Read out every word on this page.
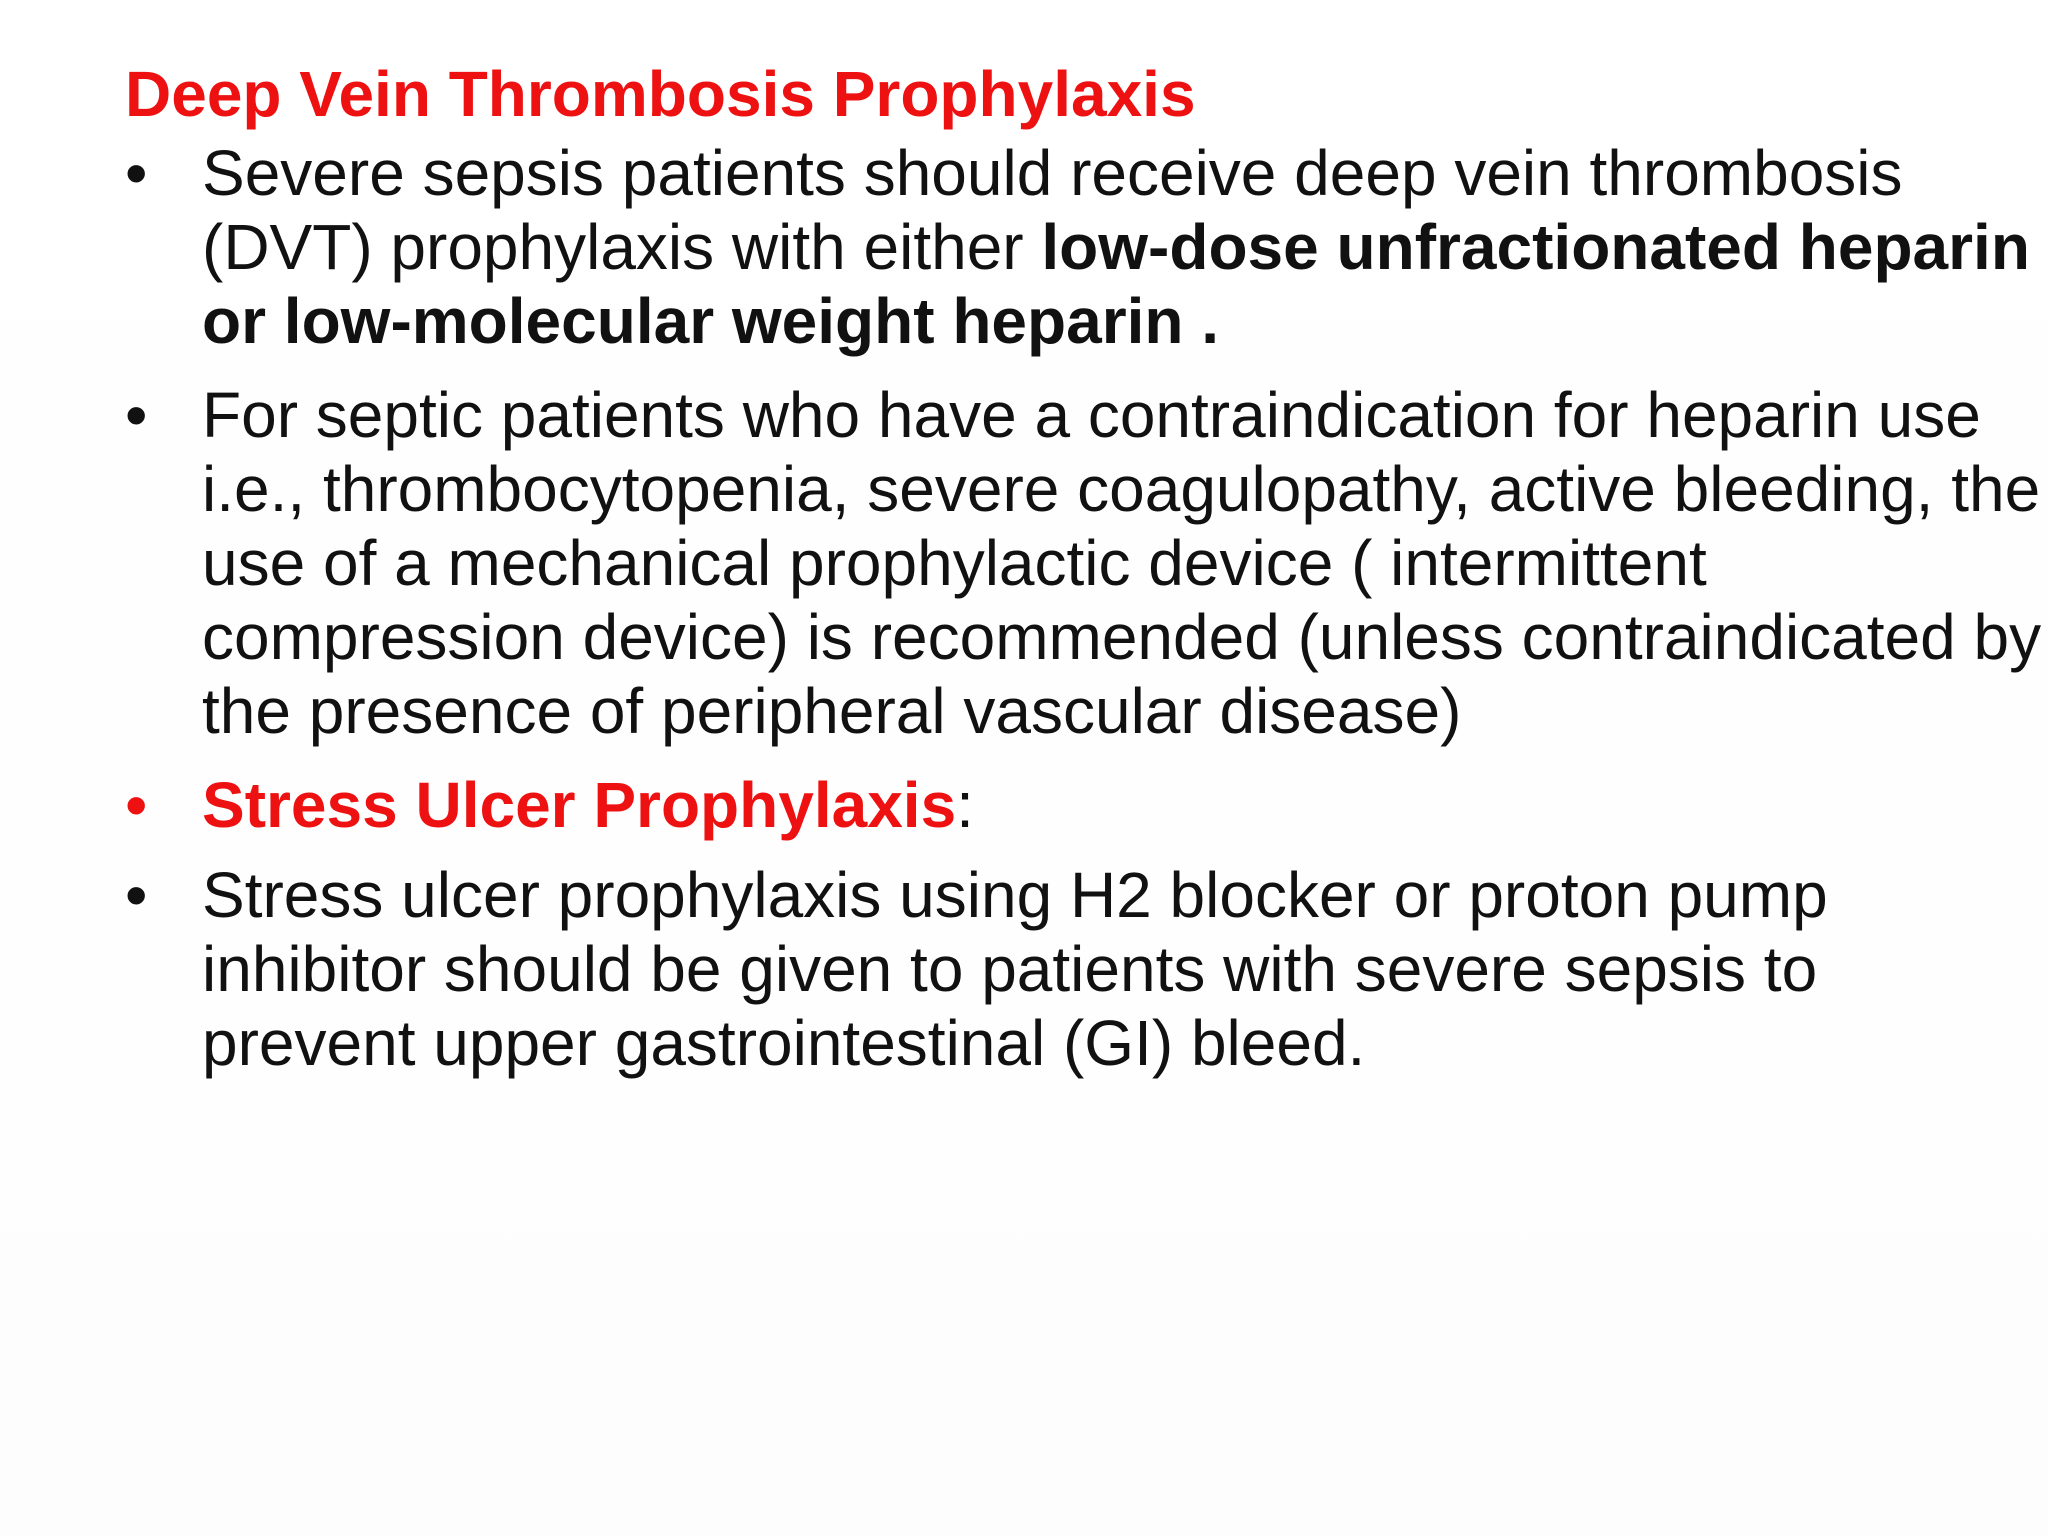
Deep Vein Thrombosis Prophylaxis
• Severe sepsis patients should receive deep vein thrombosis (DVT) prophylaxis with either low-dose unfractionated heparin or low-molecular weight heparin .
• For septic patients who have a contraindication for heparin use i.e., thrombocytopenia, severe coagulopathy, active bleeding, the use of a mechanical prophylactic device ( intermittent compression device) is recommended (unless contraindicated by the presence of peripheral vascular disease)
• Stress Ulcer Prophylaxis:
• Stress ulcer prophylaxis using H2 blocker or proton pump inhibitor should be given to patients with severe sepsis to prevent upper gastrointestinal (GI) bleed.
